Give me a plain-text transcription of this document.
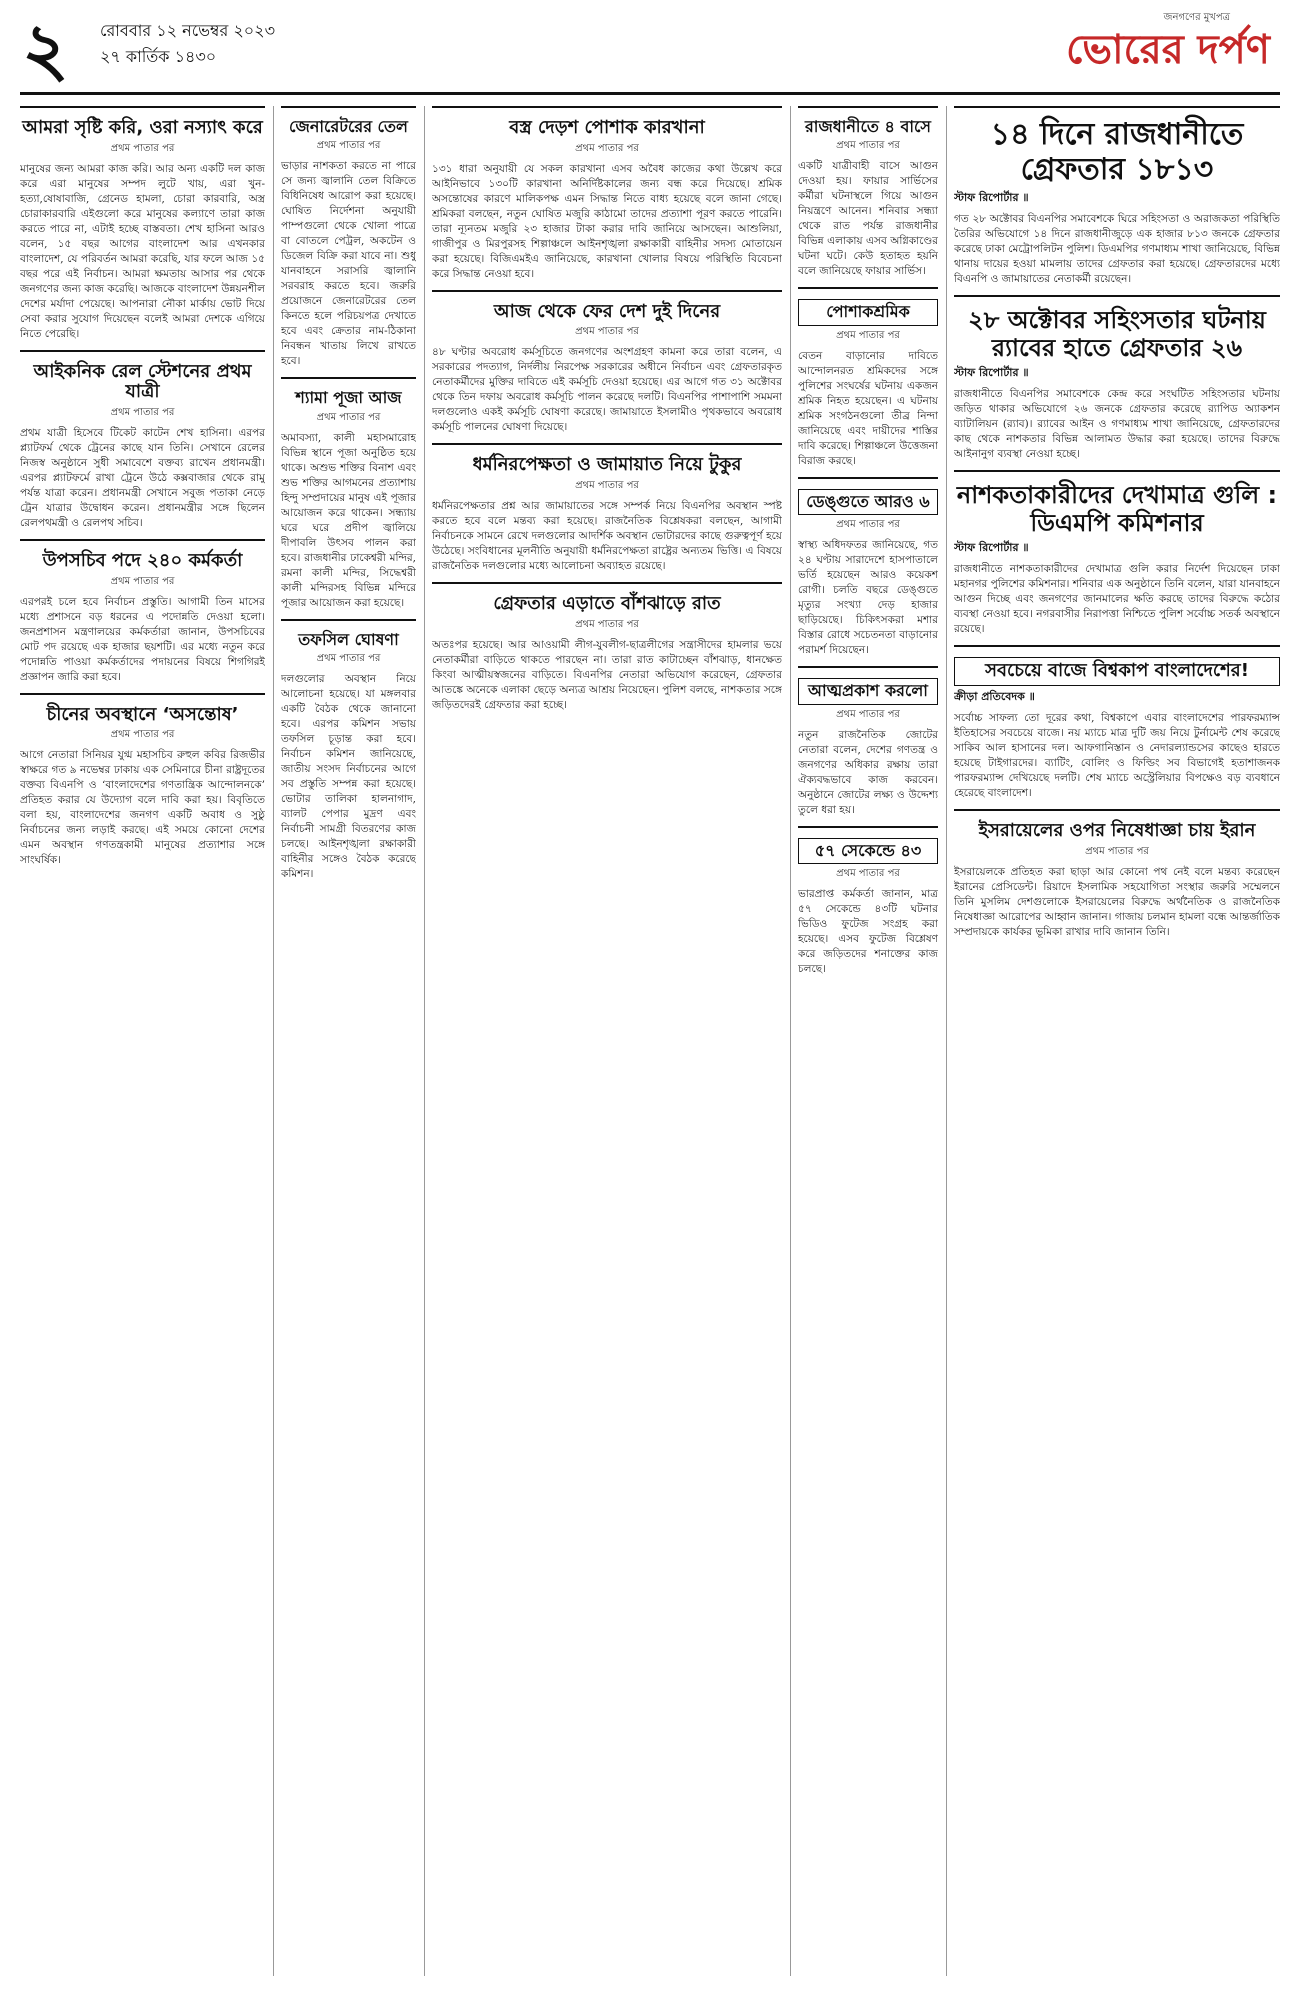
২ রোববার ১২ নভেম্বর ২০২৩
২৭ কার্তিক ১৪৩০
জনগণের মুখপত্র
ভোরের দর্পণ
আমরা সৃষ্টি করি, ওরা নস্যাৎ করে
প্রথম পাতার পর

মানুষের জন্য আমরা কাজ করি। আর অন্য একটি দল কাজ করে এরা মানুষের সম্পদ লুটে খায়, এরা খুন-হত্যা,ষোষাবাজি, গ্রেনেড হামলা, চোরা কারবারি, অস্ত্র চোরাকারবারি এইগুলো করে মানুষের কল্যাণে তারা কাজ করতে পারে না, এটাই হচ্ছে বাস্তবতা। শেখ হাসিনা আরও বলেন, ১৫ বছর আগের বাংলাদেশ আর এখনকার বাংলাদেশ, যে পরিবর্তন আমরা করেছি, যার ফলে আজ ১৫ বছর পরে এই নির্বাচন। আমরা ক্ষমতায় আসার পর থেকে জনগণের জন্য কাজ করেছি। আজকে বাংলাদেশ উন্নয়নশীল দেশের মর্যাদা পেয়েছে। আপনারা নৌকা মার্কায় ভোট দিয়ে সেবা করার সুযোগ দিয়েছেন বলেই আমরা দেশকে এগিয়ে নিতে পেরেছি।

আইকনিক রেল স্টেশনের প্রথম যাত্রী
প্রথম পাতার পর

প্রথম যাত্রী হিসেবে টিকেট কাটেন শেখ হাসিনা। এরপর প্ল্যাটফর্ম থেকে ট্রেনের কাছে যান তিনি। সেখানে রেলের নিজস্ব অনুষ্ঠানে সুধী সমাবেশে বক্তব্য রাখেন প্রধানমন্ত্রী। এরপর প্ল্যাটফর্মে রাখা ট্রেনে উঠে কক্সবাজার থেকে রামু পর্যন্ত যাত্রা করেন। প্রধানমন্ত্রী সেখানে সবুজ পতাকা নেড়ে ট্রেন যাত্রার উদ্বোধন করেন। প্রধানমন্ত্রীর সঙ্গে ছিলেন রেলপথমন্ত্রী ও রেলপথ সচিব।

উপসচিব পদে ২৪০ কর্মকর্তা
প্রথম পাতার পর

এরপরই চলে হবে নির্বাচন প্রস্তুতি। আগামী তিন মাসের মধ্যে প্রশাসনে বড় ধরনের এ পদোন্নতি দেওয়া হলো। জনপ্রশাসন মন্ত্রণালয়ের কর্মকর্তারা জানান, উপসচিবের মোট পদ রয়েছে এক হাজার ছয়শটি। এর মধ্যে নতুন করে পদোন্নতি পাওয়া কর্মকর্তাদের পদায়নের বিষয়ে শিগগিরই প্রজ্ঞাপন জারি করা হবে।

চীনের অবস্থানে ‘অসন্তোষ’
প্রথম পাতার পর

আগে নেতারা সিনিয়র যুগ্ম মহাসচিব রুহুল কবির রিজভীর স্বাক্ষরে গত ৯ নভেম্বর ঢাকায় এক সেমিনারে চীনা রাষ্ট্রদূতের বক্তব্য বিএনপি ও ‘বাংলাদেশের গণতান্ত্রিক আন্দোলনকে’ প্রতিহত করার যে উদ্যোগ বলে দাবি করা হয়। বিবৃতিতে বলা হয়, বাংলাদেশের জনগণ একটি অবাধ ও সুষ্ঠু নির্বাচনের জন্য লড়াই করছে। এই সময়ে কোনো দেশের এমন অবস্থান গণতন্ত্রকামী মানুষের প্রত্যাশার সঙ্গে সাংঘর্ষিক।

জেনারেটরের তেল
প্রথম পাতার পর

ভাড়ার নাশকতা করতে না পারে সে জন্য জ্বালানি তেল বিক্রিতে বিধিনিষেধ আরোপ করা হয়েছে। ঘোষিত নির্দেশনা অনুযায়ী পাম্পগুলো থেকে খোলা পাত্রে বা বোতলে পেট্রল, অকটেন ও ডিজেল বিক্রি করা যাবে না। শুধু যানবাহনে সরাসরি জ্বালানি সরবরাহ করতে হবে। জরুরি প্রয়োজনে জেনারেটরের তেল কিনতে হলে পরিচয়পত্র দেখাতে হবে এবং ক্রেতার নাম-ঠিকানা নিবন্ধন খাতায় লিখে রাখতে হবে।

শ্যামা পূজা আজ
প্রথম পাতার পর

অমাবস্যা, কালী মহাসমারোহ বিভিন্ন স্থানে পূজা অনুষ্ঠিত হয়ে থাকে। অশুভ শক্তির বিনাশ এবং শুভ শক্তির আগমনের প্রত্যাশায় হিন্দু সম্প্রদায়ের মানুষ এই পূজার আয়োজন করে থাকেন। সন্ধ্যায় ঘরে ঘরে প্রদীপ জ্বালিয়ে দীপাবলি উৎসব পালন করা হবে। রাজধানীর ঢাকেশ্বরী মন্দির, রমনা কালী মন্দির, সিদ্ধেশ্বরী কালী মন্দিরসহ বিভিন্ন মন্দিরে পূজার আয়োজন করা হয়েছে।

তফসিল ঘোষণা
প্রথম পাতার পর

দলগুলোর অবস্থান নিয়ে আলোচনা হয়েছে। যা মঙ্গলবার একটি বৈঠক থেকে জানানো হবে। এরপর কমিশন সভায় তফসিল চূড়ান্ত করা হবে। নির্বাচন কমিশন জানিয়েছে, জাতীয় সংসদ নির্বাচনের আগে সব প্রস্তুতি সম্পন্ন করা হয়েছে। ভোটার তালিকা হালনাগাদ, ব্যালট পেপার মুদ্রণ এবং নির্বাচনী সামগ্রী বিতরণের কাজ চলছে। আইনশৃঙ্খলা রক্ষাকারী বাহিনীর সঙ্গেও বৈঠক করেছে কমিশন।

বস্ত্র দেড়শ পোশাক কারখানা
প্রথম পাতার পর

১৩১ ধারা অনুযায়ী যে সকল কারখানা এসব অবৈধ কাজের কথা উল্লেখ করে আইনিভাবে ১৩০টি কারখানা অনির্দিষ্টকালের জন্য বন্ধ করে দিয়েছে। শ্রমিক অসন্তোষের কারণে মালিকপক্ষ এমন সিদ্ধান্ত নিতে বাধ্য হয়েছে বলে জানা গেছে। শ্রমিকরা বলছেন, নতুন ঘোষিত মজুরি কাঠামো তাদের প্রত্যাশা পূরণ করতে পারেনি। তারা ন্যূনতম মজুরি ২৩ হাজার টাকা করার দাবি জানিয়ে আসছেন। আশুলিয়া, গাজীপুর ও মিরপুরসহ শিল্পাঞ্চলে আইনশৃঙ্খলা রক্ষাকারী বাহিনীর সদস্য মোতায়েন করা হয়েছে। বিজিএমইএ জানিয়েছে, কারখানা খোলার বিষয়ে পরিস্থিতি বিবেচনা করে সিদ্ধান্ত নেওয়া হবে।

আজ থেকে ফের দেশ দুই দিনের
প্রথম পাতার পর

৪৮ ঘণ্টার অবরোধ কর্মসূচিতে জনগণের অংশগ্রহণ কামনা করে তারা বলেন, এ সরকারের পদত্যাগ, নির্দলীয় নিরপেক্ষ সরকারের অধীনে নির্বাচন এবং গ্রেফতারকৃত নেতাকর্মীদের মুক্তির দাবিতে এই কর্মসূচি দেওয়া হয়েছে। এর আগে গত ৩১ অক্টোবর থেকে তিন দফায় অবরোধ কর্মসূচি পালন করেছে দলটি। বিএনপির পাশাপাশি সমমনা দলগুলোও একই কর্মসূচি ঘোষণা করেছে। জামায়াতে ইসলামীও পৃথকভাবে অবরোধ কর্মসূচি পালনের ঘোষণা দিয়েছে।

ধর্মনিরপেক্ষতা ও জামায়াত নিয়ে টুকুর
প্রথম পাতার পর

ধর্মনিরপেক্ষতার প্রশ্ন আর জামায়াতের সঙ্গে সম্পর্ক নিয়ে বিএনপির অবস্থান স্পষ্ট করতে হবে বলে মন্তব্য করা হয়েছে। রাজনৈতিক বিশ্লেষকরা বলছেন, আগামী নির্বাচনকে সামনে রেখে দলগুলোর আদর্শিক অবস্থান ভোটারদের কাছে গুরুত্বপূর্ণ হয়ে উঠেছে। সংবিধানের মূলনীতি অনুযায়ী ধর্মনিরপেক্ষতা রাষ্ট্রের অন্যতম ভিত্তি। এ বিষয়ে রাজনৈতিক দলগুলোর মধ্যে আলোচনা অব্যাহত রয়েছে।

গ্রেফতার এড়াতে বাঁশঝাড়ে রাত
প্রথম পাতার পর

অতঃপর হয়েছে। আর আওয়ামী লীগ-যুবলীগ-ছাত্রলীগের সন্ত্রাসীদের হামলার ভয়ে নেতাকর্মীরা বাড়িতে থাকতে পারছেন না। তারা রাত কাটাচ্ছেন বাঁশঝাড়, ধানক্ষেত কিংবা আত্মীয়স্বজনের বাড়িতে। বিএনপির নেতারা অভিযোগ করেছেন, গ্রেফতার আতঙ্কে অনেকে এলাকা ছেড়ে অন্যত্র আশ্রয় নিয়েছেন। পুলিশ বলছে, নাশকতার সঙ্গে জড়িতদেরই গ্রেফতার করা হচ্ছে।

রাজধানীতে ৪ বাসে
প্রথম পাতার পর

একটি যাত্রীবাহী বাসে আগুন দেওয়া হয়। ফায়ার সার্ভিসের কর্মীরা ঘটনাস্থলে গিয়ে আগুন নিয়ন্ত্রণে আনেন। শনিবার সন্ধ্যা থেকে রাত পর্যন্ত রাজধানীর বিভিন্ন এলাকায় এসব অগ্নিকাণ্ডের ঘটনা ঘটে। কেউ হতাহত হয়নি বলে জানিয়েছে ফায়ার সার্ভিস।

পোশাকশ্রমিক
প্রথম পাতার পর

বেতন বাড়ানোর দাবিতে আন্দোলনরত শ্রমিকদের সঙ্গে পুলিশের সংঘর্ষের ঘটনায় একজন শ্রমিক নিহত হয়েছেন। এ ঘটনায় শ্রমিক সংগঠনগুলো তীব্র নিন্দা জানিয়েছে এবং দায়ীদের শাস্তির দাবি করেছে। শিল্পাঞ্চলে উত্তেজনা বিরাজ করছে।

ডেঙ্গুতে আরও ৬
প্রথম পাতার পর

স্বাস্থ্য অধিদফতর জানিয়েছে, গত ২৪ ঘণ্টায় সারাদেশে হাসপাতালে ভর্তি হয়েছেন আরও কয়েকশ রোগী। চলতি বছরে ডেঙ্গুতে মৃত্যুর সংখ্যা দেড় হাজার ছাড়িয়েছে। চিকিৎসকরা মশার বিস্তার রোধে সচেতনতা বাড়ানোর পরামর্শ দিয়েছেন।

আত্মপ্রকাশ করলো
প্রথম পাতার পর

নতুন রাজনৈতিক জোটের নেতারা বলেন, দেশের গণতন্ত্র ও জনগণের অধিকার রক্ষায় তারা ঐক্যবদ্ধভাবে কাজ করবেন। অনুষ্ঠানে জোটের লক্ষ্য ও উদ্দেশ্য তুলে ধরা হয়।

৫৭ সেকেন্ডে ৪৩
প্রথম পাতার পর

ভারপ্রাপ্ত কর্মকর্তা জানান, মাত্র ৫৭ সেকেন্ডে ৪৩টি ঘটনার ভিডিও ফুটেজ সংগ্রহ করা হয়েছে। এসব ফুটেজ বিশ্লেষণ করে জড়িতদের শনাক্তের কাজ চলছে।

১৪ দিনে রাজধানীতে গ্রেফতার ১৮১৩
স্টাফ রিপোর্টার ॥

গত ২৮ অক্টোবর বিএনপির সমাবেশকে ঘিরে সহিংসতা ও অরাজকতা পরিস্থিতি তৈরির অভিযোগে ১৪ দিনে রাজধানীজুড়ে এক হাজার ৮১৩ জনকে গ্রেফতার করেছে ঢাকা মেট্রোপলিটন পুলিশ। ডিএমপির গণমাধ্যম শাখা জানিয়েছে, বিভিন্ন থানায় দায়ের হওয়া মামলায় তাদের গ্রেফতার করা হয়েছে। গ্রেফতারদের মধ্যে বিএনপি ও জামায়াতের নেতাকর্মী রয়েছেন।

২৮ অক্টোবর সহিংসতার ঘটনায় র‍্যাবের হাতে গ্রেফতার ২৬
স্টাফ রিপোর্টার ॥

রাজধানীতে বিএনপির সমাবেশকে কেন্দ্র করে সংঘটিত সহিংসতার ঘটনায় জড়িত থাকার অভিযোগে ২৬ জনকে গ্রেফতার করেছে র‍্যাপিড অ্যাকশন ব্যাটালিয়ন (র‍্যাব)। র‍্যাবের আইন ও গণমাধ্যম শাখা জানিয়েছে, গ্রেফতারদের কাছ থেকে নাশকতার বিভিন্ন আলামত উদ্ধার করা হয়েছে। তাদের বিরুদ্ধে আইনানুগ ব্যবস্থা নেওয়া হচ্ছে।

নাশকতাকারীদের দেখামাত্র গুলি : ডিএমপি কমিশনার
স্টাফ রিপোর্টার ॥

রাজধানীতে নাশকতাকারীদের দেখামাত্র গুলি করার নির্দেশ দিয়েছেন ঢাকা মহানগর পুলিশের কমিশনার। শনিবার এক অনুষ্ঠানে তিনি বলেন, যারা যানবাহনে আগুন দিচ্ছে এবং জনগণের জানমালের ক্ষতি করছে তাদের বিরুদ্ধে কঠোর ব্যবস্থা নেওয়া হবে। নগরবাসীর নিরাপত্তা নিশ্চিতে পুলিশ সর্বোচ্চ সতর্ক অবস্থানে রয়েছে।

সবচেয়ে বাজে বিশ্বকাপ বাংলাদেশের!
ক্রীড়া প্রতিবেদক ॥

সর্বোচ্চ সাফল্য তো দূরের কথা, বিশ্বকাপে এবার বাংলাদেশের পারফরম্যান্স ইতিহাসের সবচেয়ে বাজে। নয় ম্যাচে মাত্র দুটি জয় নিয়ে টুর্নামেন্ট শেষ করেছে সাকিব আল হাসানের দল। আফগানিস্তান ও নেদারল্যান্ডসের কাছেও হারতে হয়েছে টাইগারদের। ব্যাটিং, বোলিং ও ফিল্ডিং সব বিভাগেই হতাশাজনক পারফরম্যান্স দেখিয়েছে দলটি। শেষ ম্যাচে অস্ট্রেলিয়ার বিপক্ষেও বড় ব্যবধানে হেরেছে বাংলাদেশ।

ইসরায়েলের ওপর নিষেধাজ্ঞা চায় ইরান
প্রথম পাতার পর

ইসরায়েলকে প্রতিহত করা ছাড়া আর কোনো পথ নেই বলে মন্তব্য করেছেন ইরানের প্রেসিডেন্ট। রিয়াদে ইসলামিক সহযোগিতা সংস্থার জরুরি সম্মেলনে তিনি মুসলিম দেশগুলোকে ইসরায়েলের বিরুদ্ধে অর্থনৈতিক ও রাজনৈতিক নিষেধাজ্ঞা আরোপের আহ্বান জানান। গাজায় চলমান হামলা বন্ধে আন্তর্জাতিক সম্প্রদায়কে কার্যকর ভূমিকা রাখার দাবি জানান তিনি।
